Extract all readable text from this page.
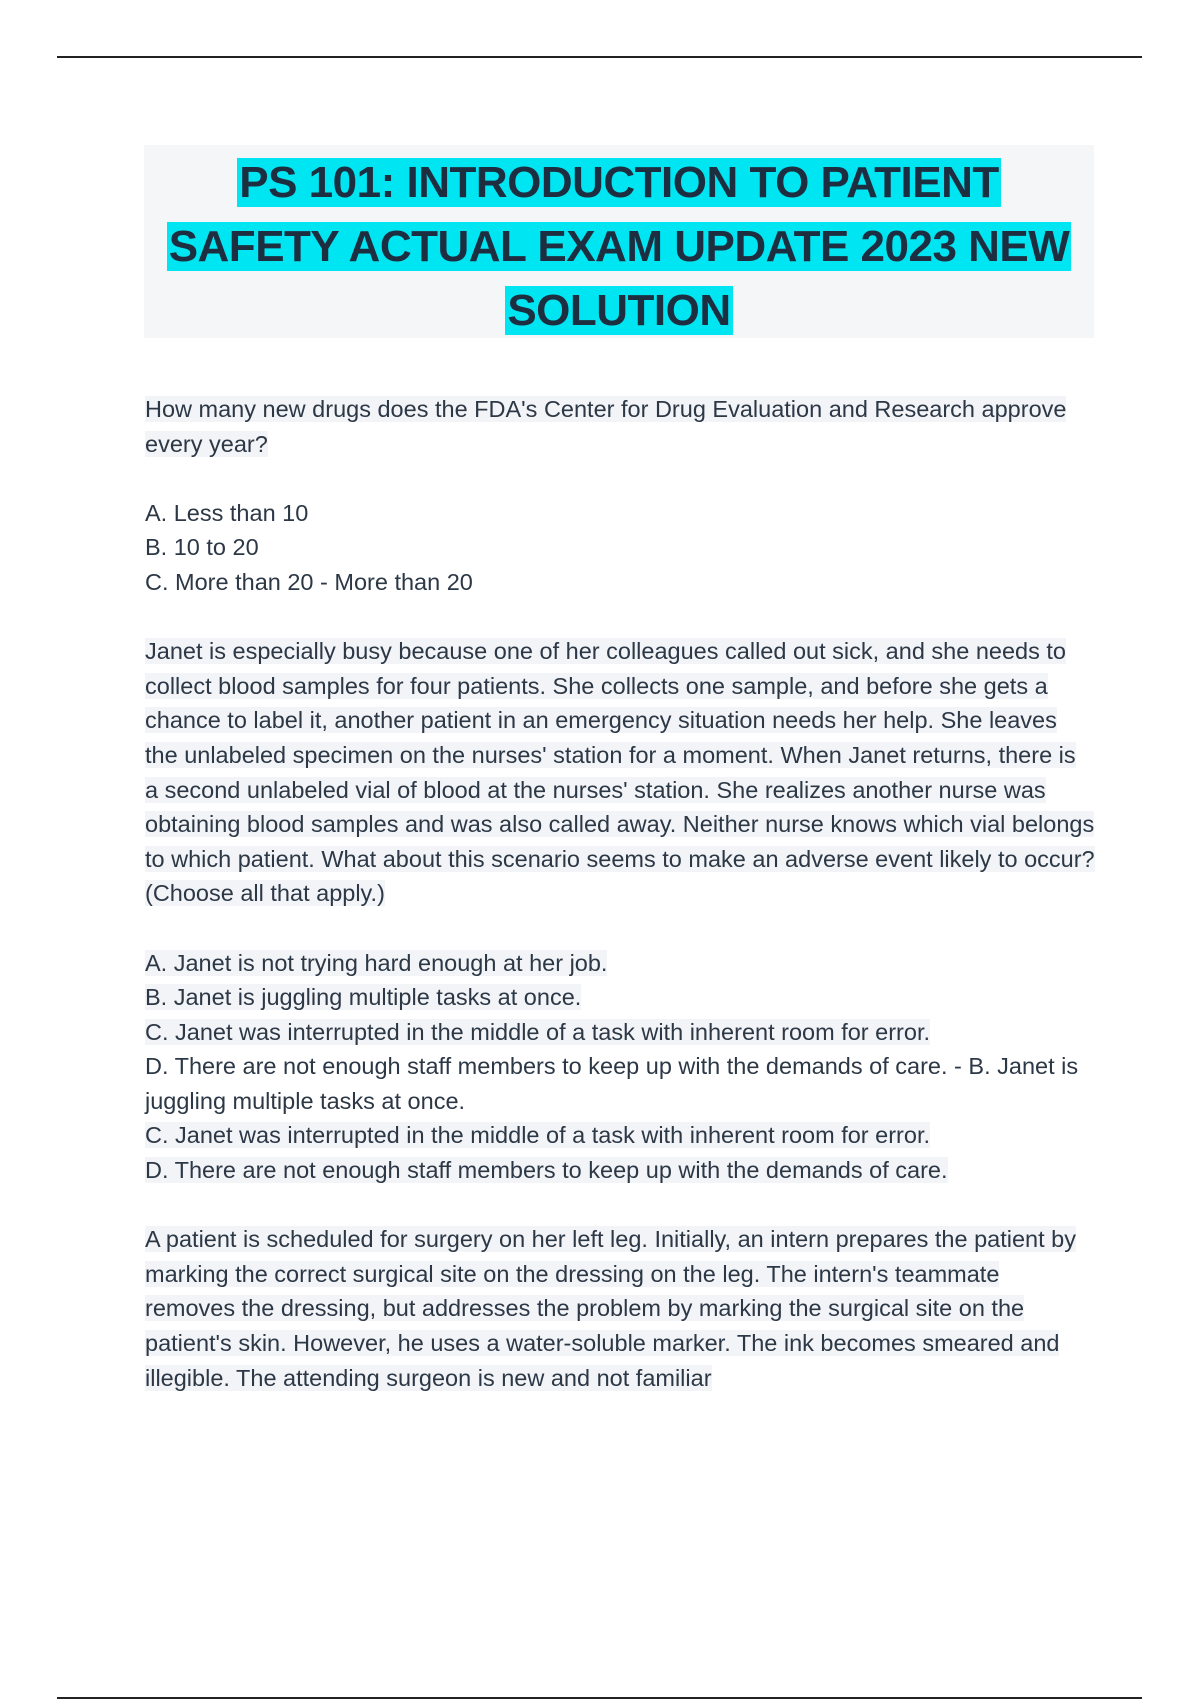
PS 101: INTRODUCTION TO PATIENT
SAFETY ACTUAL EXAM UPDATE 2023 NEW
SOLUTION

How many new drugs does the FDA's Center for Drug Evaluation and Research approve every year?

A. Less than 10

B. 10 to 20

C. More than 20 - More than 20

Janet is especially busy because one of her colleagues called out sick, and she needs to collect blood samples for four patients. She collects one sample, and before she gets a chance to label it, another patient in an emergency situation needs her help. She leaves the unlabeled specimen on the nurses' station for a moment. When Janet returns, there is a second unlabeled vial of blood at the nurses' station. She realizes another nurse was obtaining blood samples and was also called away. Neither nurse knows which vial belongs to which patient. What about this scenario seems to make an adverse event likely to occur? (Choose all that apply.)

A. Janet is not trying hard enough at her job.

B. Janet is juggling multiple tasks at once.

C. Janet was interrupted in the middle of a task with inherent room for error.

D. There are not enough staff members to keep up with the demands of care. - B. Janet is juggling multiple tasks at once.

C. Janet was interrupted in the middle of a task with inherent room for error.

D. There are not enough staff members to keep up with the demands of care.

A patient is scheduled for surgery on her left leg. Initially, an intern prepares the patient by marking the correct surgical site on the dressing on the leg. The intern's teammate removes the dressing, but addresses the problem by marking the surgical site on the patient's skin. However, he uses a water-soluble marker. The ink becomes smeared and illegible. The attending surgeon is new and not familiar
